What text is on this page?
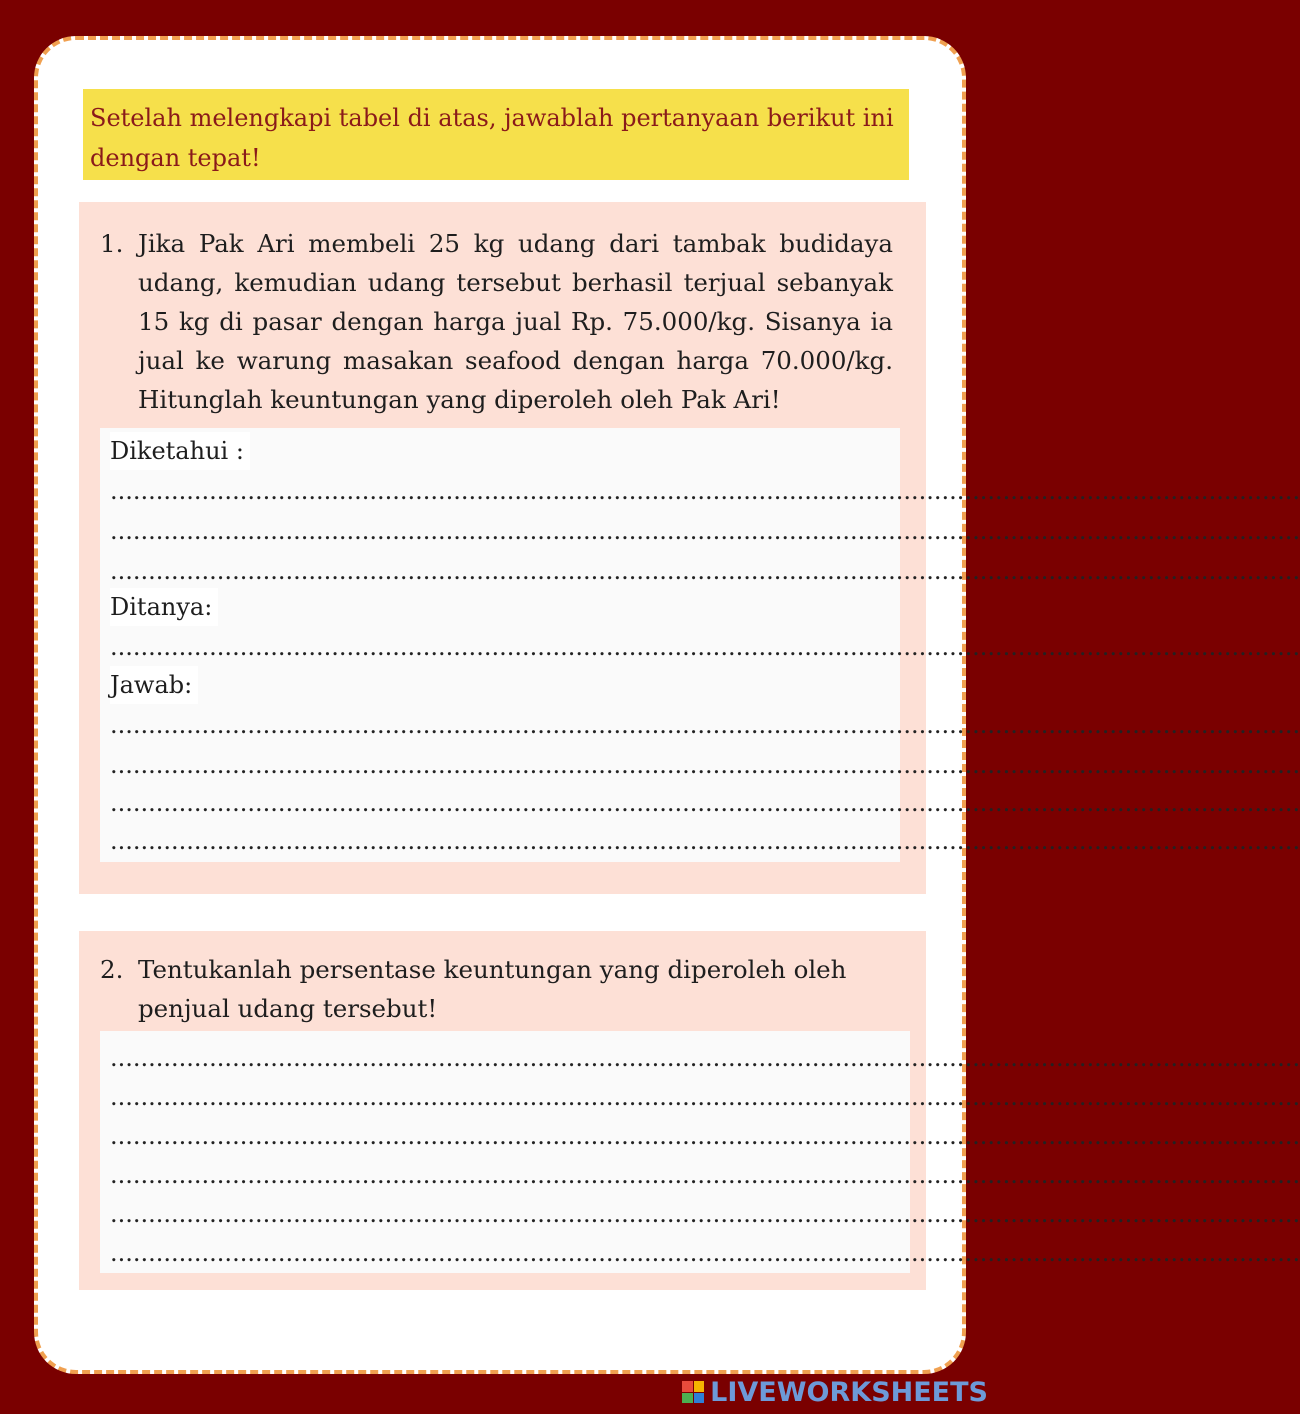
Setelah melengkapi tabel di atas, jawablah pertanyaan berikut ini dengan tepat!
1. Jika Pak Ari membeli 25 kg udang dari tambak budidaya udang, kemudian udang tersebut berhasil terjual sebanyak 15 kg di pasar dengan harga jual Rp. 75.000/kg. Sisanya ia jual ke warung masakan seafood dengan harga 70.000/kg. Hitunglah keuntungan yang diperoleh oleh Pak Ari!
Diketahui :
............................................................................................................................................................
............................................................................................................................................................
............................................................................................................................................................
Ditanya:
............................................................................................................................................................
Jawab:
............................................................................................................................................................
............................................................................................................................................................
............................................................................................................................................................
............................................................................................................................................................
2. Tentukanlah persentase keuntungan yang diperoleh oleh penjual udang tersebut!
............................................................................................................................................................
............................................................................................................................................................
............................................................................................................................................................
............................................................................................................................................................
............................................................................................................................................................
............................................................................................................................................................
LIVEWORKSHEETS
